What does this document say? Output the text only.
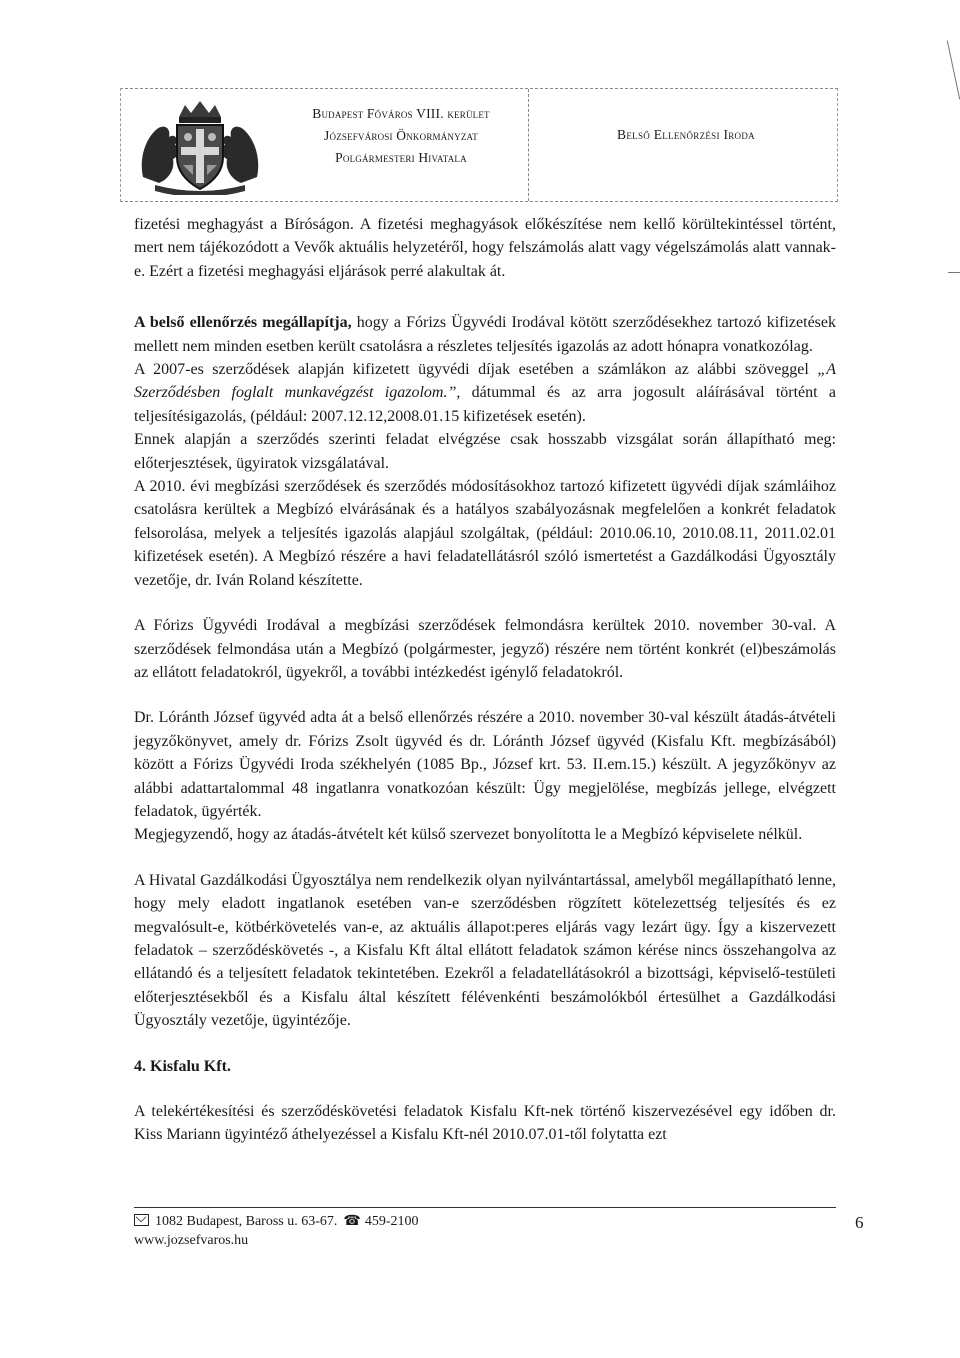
Budapest Főváros VIII. kerület
Józsefvárosi Önkormányzat
Polgármesteri Hivatala
Belső Ellenőrzési Iroda

fizetési meghagyást a Bíróságon. A fizetési meghagyások előkészítése nem kellő körültekintéssel történt, mert nem tájékozódott a Vevők aktuális helyzetéről, hogy felszámolás alatt vagy végelszámolás alatt vannak-e. Ezért a fizetési meghagyási eljárások perré alakultak át.

A belső ellenőrzés megállapítja, hogy a Fórizs Ügyvédi Irodával kötött szerződésekhez tartozó kifizetések mellett nem minden esetben került csatolásra a részletes teljesítés igazolás az adott hónapra vonatkozólag.

A 2007-es szerződések alapján kifizetett ügyvédi díjak esetében a számlákon az alábbi szöveggel „A Szerződésben foglalt munkavégzést igazolom.”, dátummal és az arra jogosult aláírásával történt a teljesítésigazolás, (például: 2007.12.12,2008.01.15 kifizetések esetén).

Ennek alapján a szerződés szerinti feladat elvégzése csak hosszabb vizsgálat során állapítható meg: előterjesztések, ügyiratok vizsgálatával.

A 2010. évi megbízási szerződések és szerződés módosításokhoz tartozó kifizetett ügyvédi díjak számláihoz csatolásra kerültek a Megbízó elvárásának és a hatályos szabályozásnak megfelelően a konkrét feladatok felsorolása, melyek a teljesítés igazolás alapjául szolgáltak, (például: 2010.06.10, 2010.08.11, 2011.02.01 kifizetések esetén). A Megbízó részére a havi feladatellátásról szóló ismertetést a Gazdálkodási Ügyosztály vezetője, dr. Iván Roland készítette.

A Fórizs Ügyvédi Irodával a megbízási szerződések felmondásra kerültek 2010. november 30-val. A szerződések felmondása után a Megbízó (polgármester, jegyző) részére nem történt konkrét (el)beszámolás az ellátott feladatokról, ügyekről, a további intézkedést igénylő feladatokról.

Dr. Lóránth József ügyvéd adta át a belső ellenőrzés részére a 2010. november 30-val készült átadás-átvételi jegyzőkönyvet, amely dr. Fórizs Zsolt ügyvéd és dr. Lóránth József ügyvéd (Kisfalu Kft. megbízásából) között a Fórizs Ügyvédi Iroda székhelyén (1085 Bp., József krt. 53. II.em.15.) készült. A jegyzőkönyv az alábbi adattartalommal 48 ingatlanra vonatkozóan készült: Ügy megjelölése, megbízás jellege, elvégzett feladatok, ügyérték.

Megjegyzendő, hogy az átadás-átvételt két külső szervezet bonyolította le a Megbízó képviselete nélkül.

A Hivatal Gazdálkodási Ügyosztálya nem rendelkezik olyan nyilvántartással, amelyből megállapítható lenne, hogy mely eladott ingatlanok esetében van-e szerződésben rögzített kötelezettség teljesítés és ez megvalósult-e, kötbérkövetelés van-e, az aktuális állapot:peres eljárás vagy lezárt ügy. Így a kiszervezett feladatok – szerződéskövetés -, a Kisfalu Kft által ellátott feladatok számon kérése nincs összehangolva az ellátandó és a teljesített feladatok tekintetében. Ezekről a feladatellátásokról a bizottsági, képviselő-testületi előterjesztésekből és a Kisfalu által készített félévenkénti beszámolókból értesülhet a Gazdálkodási Ügyosztály vezetője, ügyintézője.

4. Kisfalu Kft.

A telekértékesítési és szerződéskövetési feladatok Kisfalu Kft-nek történő kiszervezésével egy időben dr. Kiss Mariann ügyintéző áthelyezéssel a Kisfalu Kft-nél 2010.07.01-től folytatta ezt

1082 Budapest, Baross u. 63-67. ☎ 459-2100
www.jozsefvaros.hu
6
